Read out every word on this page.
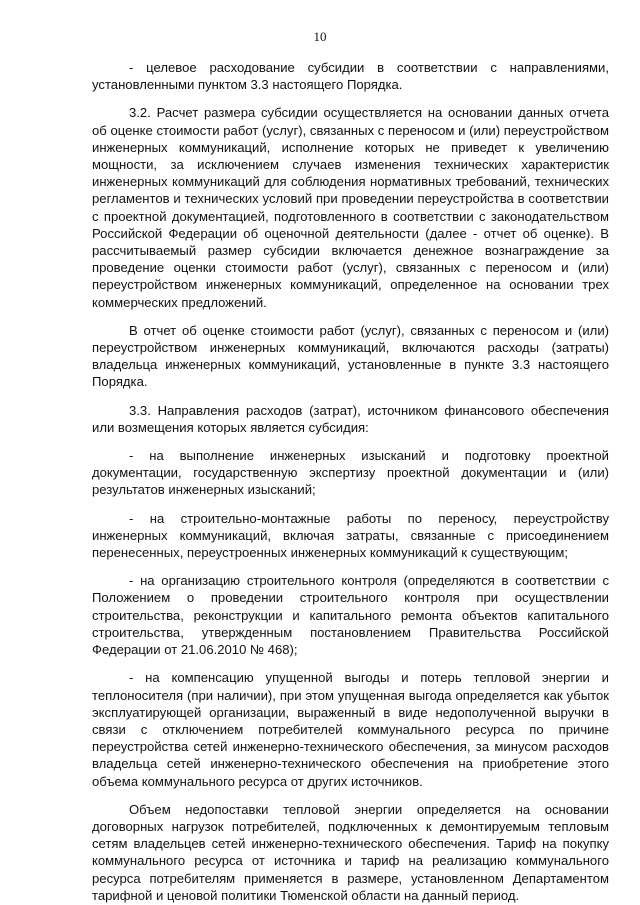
10

- целевое расходование субсидии в соответствии с направлениями, установленными пунктом 3.3 настоящего Порядка.

3.2. Расчет размера субсидии осуществляется на основании данных отчета об оценке стоимости работ (услуг), связанных с переносом и (или) переустройством инженерных коммуникаций, исполнение которых не приведет к увеличению мощности, за исключением случаев изменения технических характеристик инженерных коммуникаций для соблюдения нормативных требований, технических регламентов и технических условий при проведении переустройства в соответствии с проектной документацией, подготовленного в соответствии с законодательством Российской Федерации об оценочной деятельности (далее - отчет об оценке). В рассчитываемый размер субсидии включается денежное вознаграждение за проведение оценки стоимости работ (услуг), связанных с переносом и (или) переустройством инженерных коммуникаций, определенное на основании трех коммерческих предложений.

В отчет об оценке стоимости работ (услуг), связанных с переносом и (или) переустройством инженерных коммуникаций, включаются расходы (затраты) владельца инженерных коммуникаций, установленные в пункте 3.3 настоящего Порядка.

3.3. Направления расходов (затрат), источником финансового обеспечения или возмещения которых является субсидия:

- на выполнение инженерных изысканий и подготовку проектной документации, государственную экспертизу проектной документации и (или) результатов инженерных изысканий;

- на строительно-монтажные работы по переносу, переустройству инженерных коммуникаций, включая затраты, связанные с присоединением перенесенных, переустроенных инженерных коммуникаций к существующим;

- на организацию строительного контроля (определяются в соответствии с Положением о проведении строительного контроля при осуществлении строительства, реконструкции и капитального ремонта объектов капитального строительства, утвержденным постановлением Правительства Российской Федерации от 21.06.2010 № 468);

- на компенсацию упущенной выгоды и потерь тепловой энергии и теплоносителя (при наличии), при этом упущенная выгода определяется как убыток эксплуатирующей организации, выраженный в виде недополученной выручки в связи с отключением потребителей коммунального ресурса по причине переустройства сетей инженерно-технического обеспечения, за минусом расходов владельца сетей инженерно-технического обеспечения на приобретение этого объема коммунального ресурса от других источников.

Объем недопоставки тепловой энергии определяется на основании договорных нагрузок потребителей, подключенных к демонтируемым тепловым сетям владельцев сетей инженерно-технического обеспечения. Тариф на покупку коммунального ресурса от источника и тариф на реализацию коммунального ресурса потребителям применяется в размере, установленном Департаментом тарифной и ценовой политики Тюменской области на данный период.
